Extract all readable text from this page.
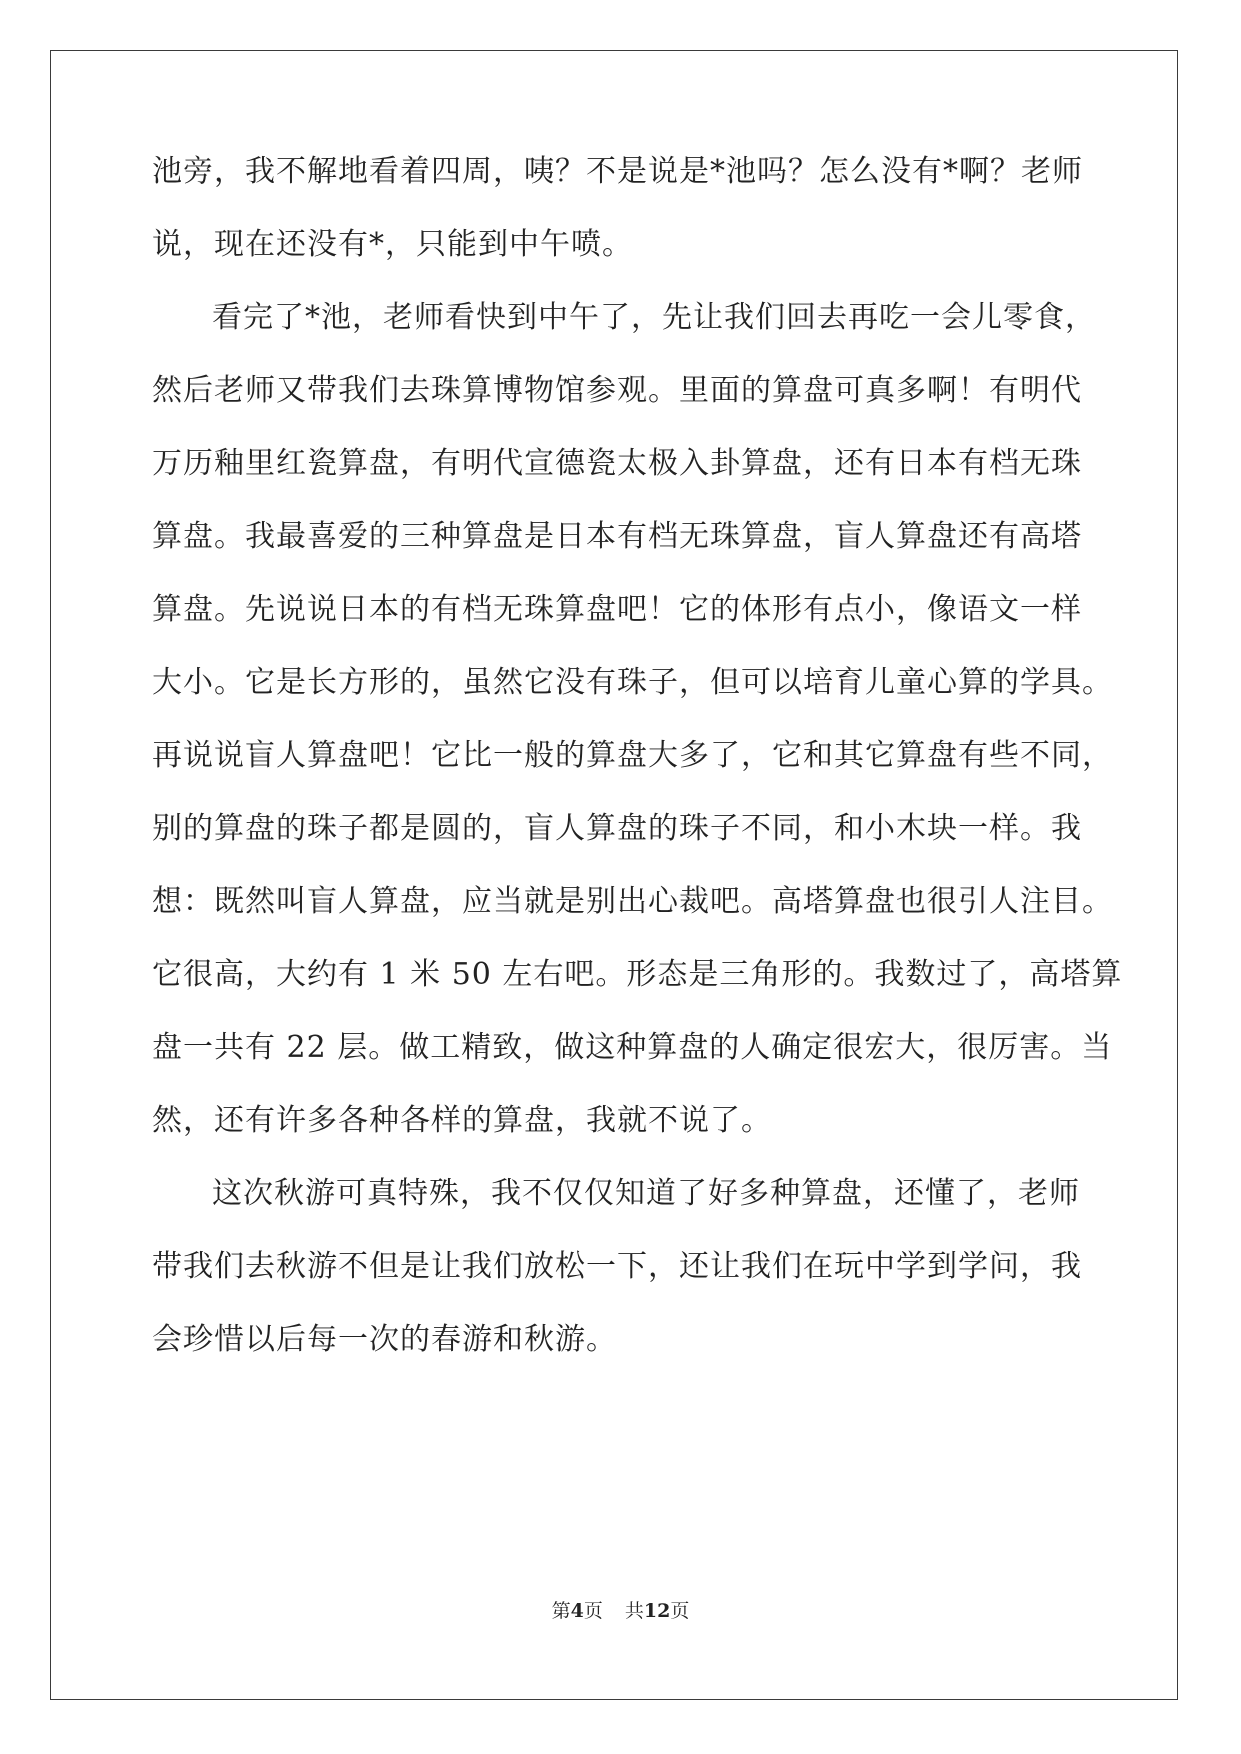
池旁，我不解地看着四周，咦？不是说是*池吗？怎么没有*啊？老师
说，现在还没有*，只能到中午喷。
看完了*池，老师看快到中午了，先让我们回去再吃一会儿零食，
然后老师又带我们去珠算博物馆参观。里面的算盘可真多啊！有明代
万历釉里红瓷算盘，有明代宣德瓷太极入卦算盘，还有日本有档无珠
算盘。我最喜爱的三种算盘是日本有档无珠算盘，盲人算盘还有高塔
算盘。先说说日本的有档无珠算盘吧！它的体形有点小，像语文一样
大小。它是长方形的，虽然它没有珠子，但可以培育儿童心算的学具。
再说说盲人算盘吧！它比一般的算盘大多了，它和其它算盘有些不同，
别的算盘的珠子都是圆的，盲人算盘的珠子不同，和小木块一样。我
想：既然叫盲人算盘，应当就是别出心裁吧。高塔算盘也很引人注目。
它很高，大约有 1 米 50 左右吧。形态是三角形的。我数过了，高塔算
盘一共有 22 层。做工精致，做这种算盘的人确定很宏大，很厉害。当
然，还有许多各种各样的算盘，我就不说了。
这次秋游可真特殊，我不仅仅知道了好多种算盘，还懂了，老师
带我们去秋游不但是让我们放松一下，还让我们在玩中学到学问，我
会珍惜以后每一次的春游和秋游。
第4页 共12页
